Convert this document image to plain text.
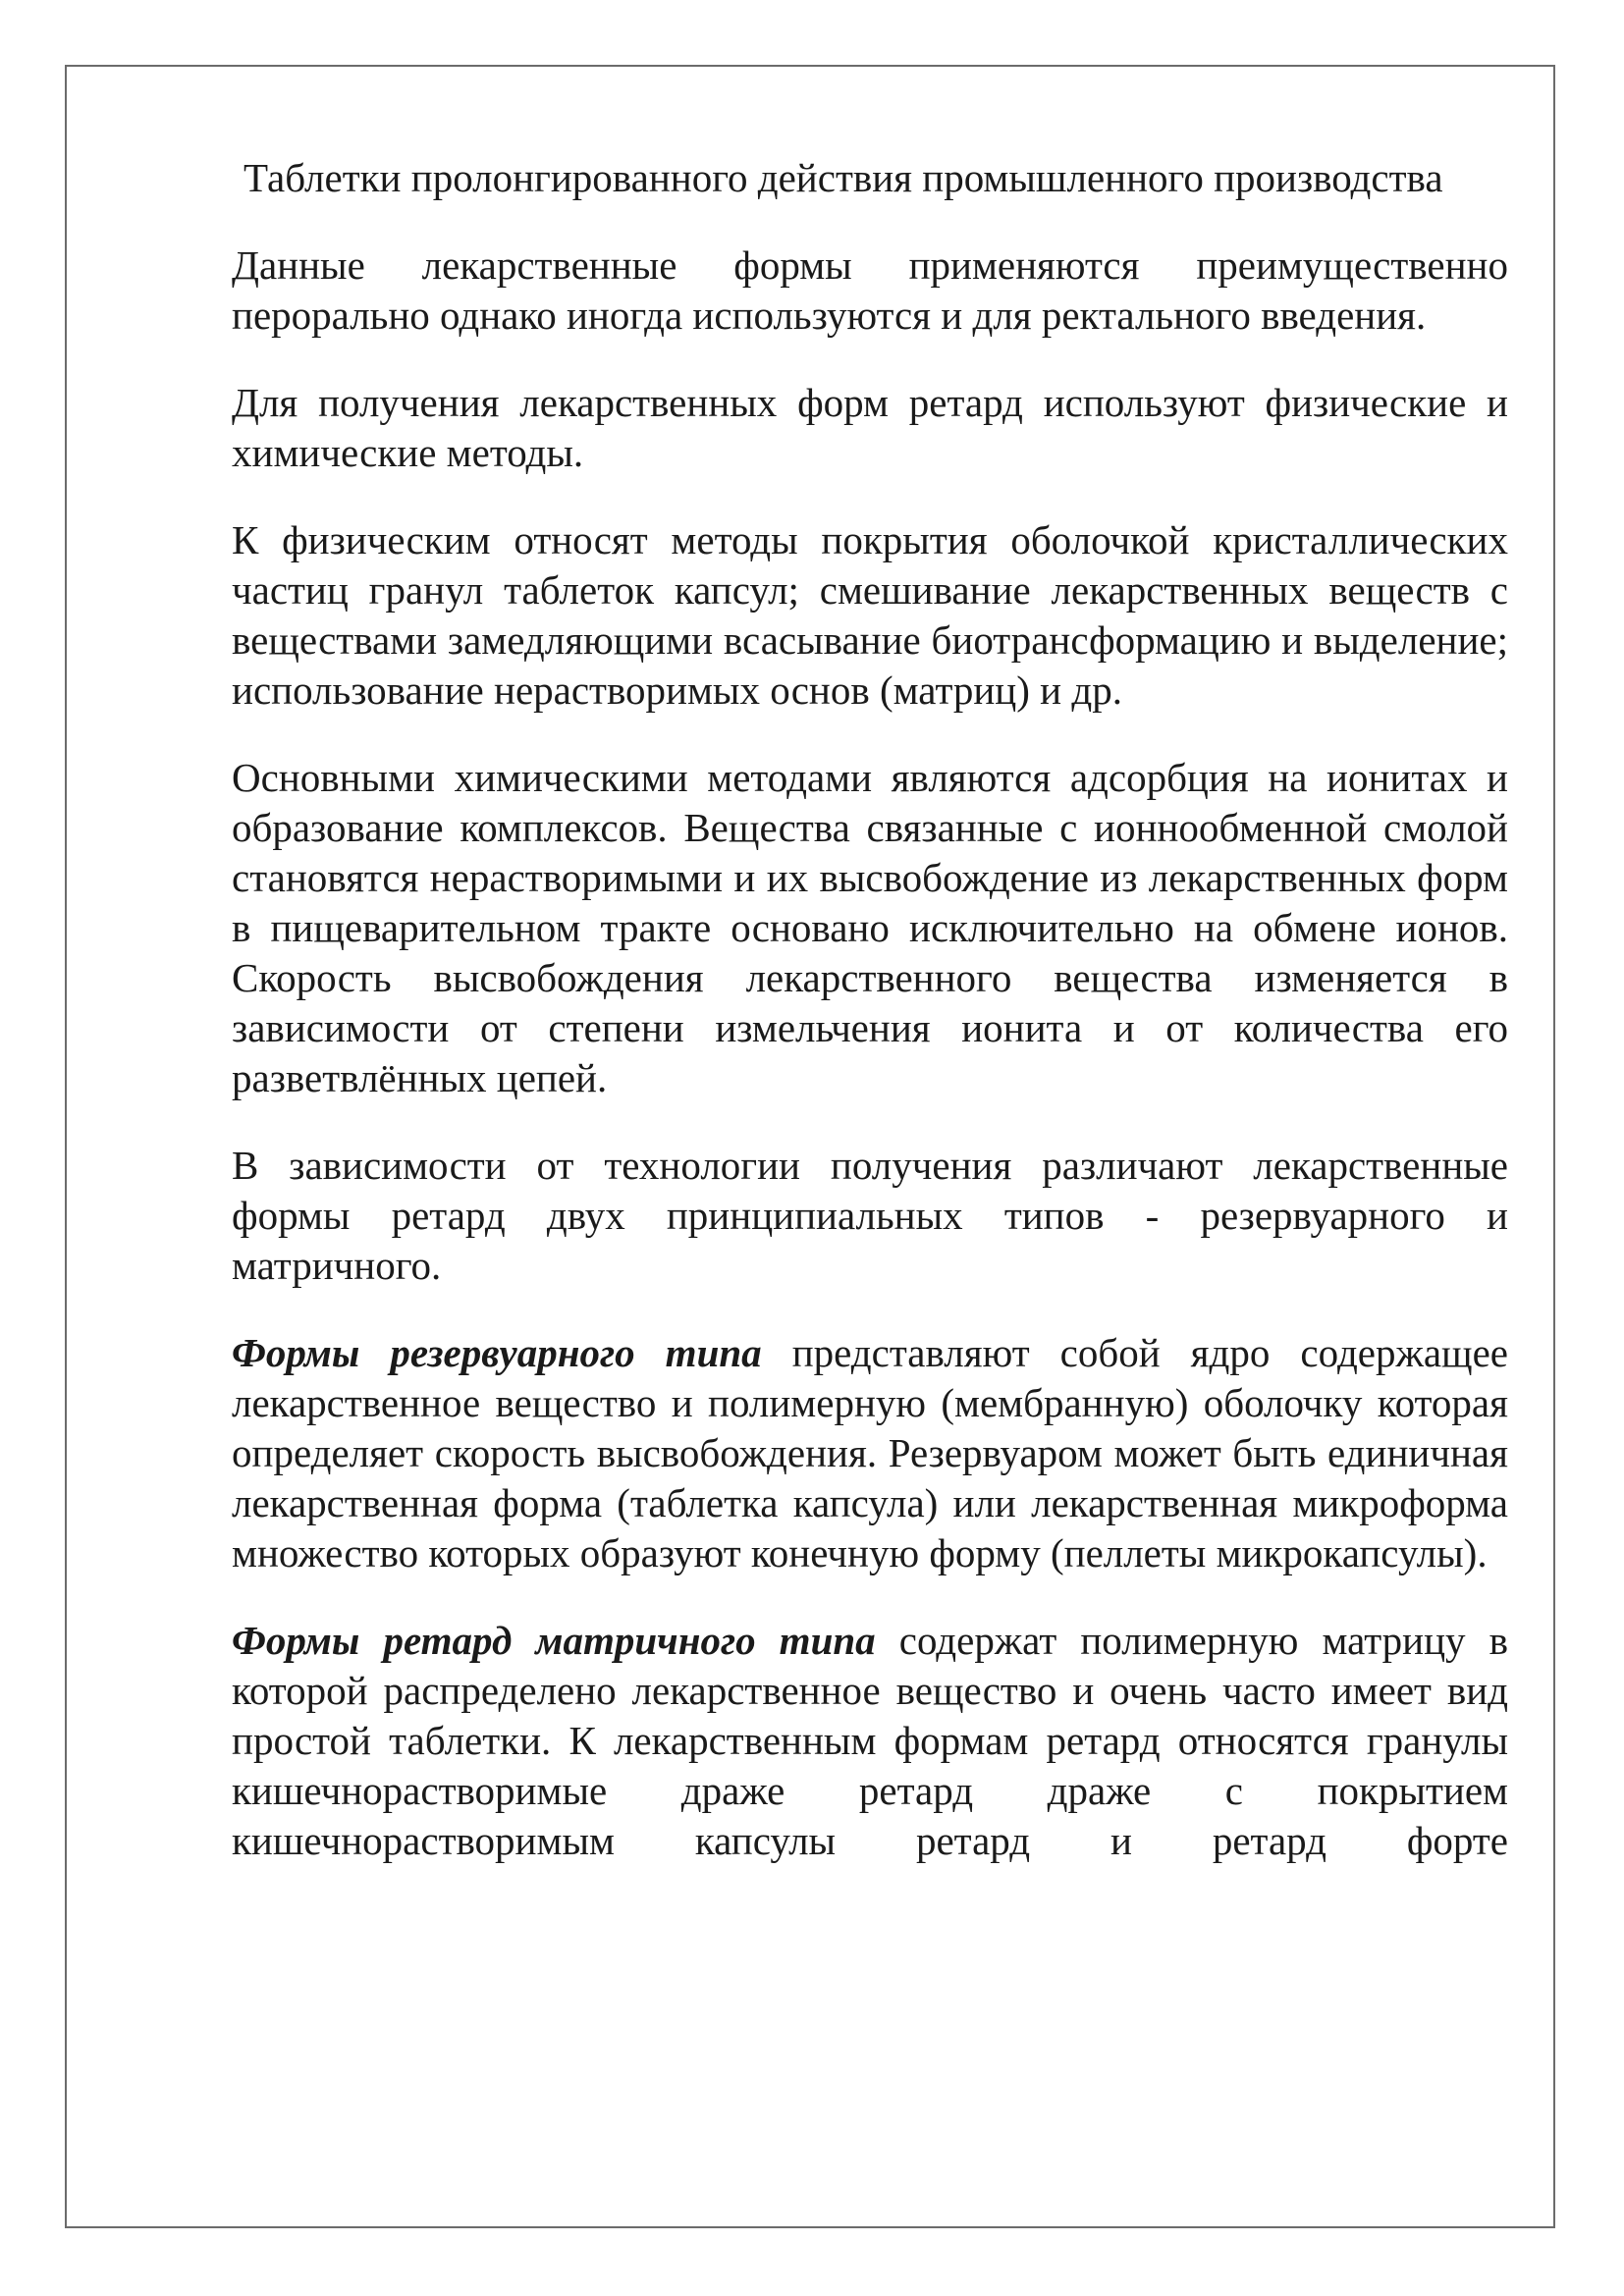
Таблетки пролонгированного действия промышленного производства

Данные лекарственные формы применяются преимущественно перорально однако иногда используются и для ректального введения.

Для получения лекарственных форм ретард используют физические и химические методы.

К физическим относят методы покрытия оболочкой кристаллических частиц гранул таблеток капсул; смешивание лекарственных веществ с веществами замедляющими всасывание биотрансформацию и выделение; использование нерастворимых основ (матриц) и др.

Основными химическими методами являются адсорбция на ионитах и образование комплексов. Вещества связанные с ионнообменной смолой становятся нерастворимыми и их высвобождение из лекарственных форм в пищеварительном тракте основано исключительно на обмене ионов. Скорость высвобождения лекарственного вещества изменяется в зависимости от степени измельчения ионита и от количества его разветвлённых цепей.

В зависимости от технологии получения различают лекарственные формы ретард двух принципиальных типов - резервуарного и матричного.

Формы резервуарного типа представляют собой ядро содержащее лекарственное вещество и полимерную (мембранную) оболочку которая определяет скорость высвобождения. Резервуаром может быть единичная лекарственная форма (таблетка капсула) или лекарственная микроформа множество которых образуют конечную форму (пеллеты микрокапсулы).

Формы ретард матричного типа содержат полимерную матрицу в которой распределено лекарственное вещество и очень часто имеет вид простой таблетки. К лекарственным формам ретард относятся гранулы кишечнорастворимые драже ретард драже с покрытием кишечнорастворимым капсулы ретард и ретард форте
